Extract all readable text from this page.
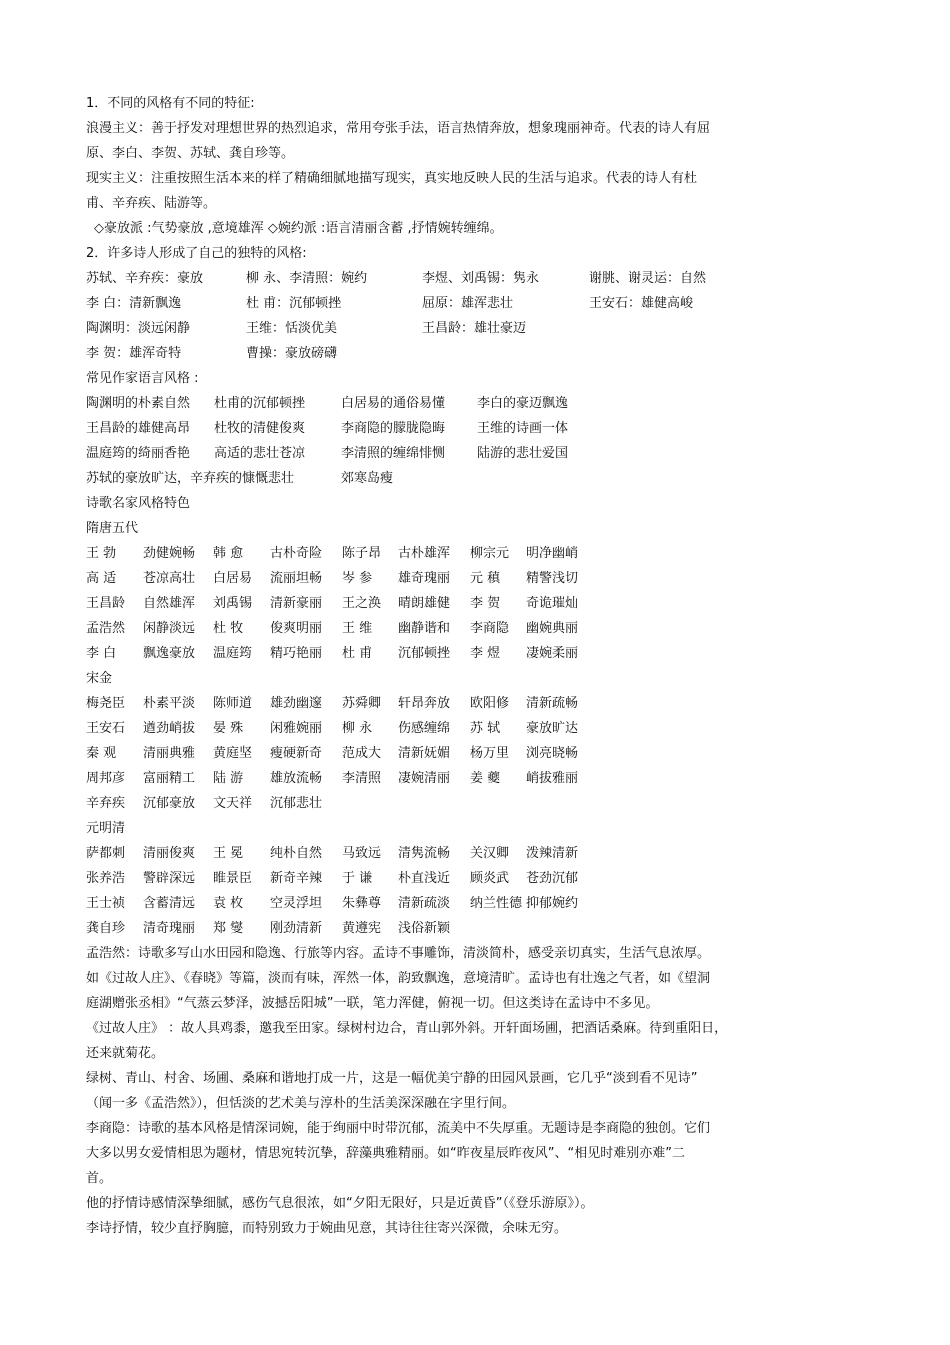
1．不同的风格有不同的特征:
浪漫主义：善于抒发对理想世界的热烈追求，常用夸张手法，语言热情奔放，想象瑰丽神奇。代表的诗人有屈
原、李白、李贺、苏轼、龚自珍等。
现实主义：注重按照生活本来的样了精确细腻地描写现实，真实地反映人民的生活与追求。代表的诗人有杜
甫、辛弃疾、陆游等。
◇豪放派 :气势豪放 ,意境雄浑 ◇婉约派 :语言清丽含蓄 ,抒情婉转缠绵。
2．许多诗人形成了自己的独特的风格:
苏轼、辛弃疾：豪放	柳 永、李清照：婉约	李煜、刘禹锡：隽永	谢朓、谢灵运：自然
李 白：清新飘逸	杜 甫：沉郁顿挫	屈原：雄浑悲壮	王安石：雄健高峻
陶渊明：淡远闲静	王维：恬淡优美	王昌龄：雄壮豪迈
李 贺：雄浑奇特	曹操：豪放磅礴
常见作家语言风格 :
陶渊明的朴素自然 杜甫的沉郁顿挫	白居易的通俗易懂 李白的豪迈飘逸
王昌龄的雄健高昂 杜牧的清健俊爽	李商隐的朦胧隐晦 王维的诗画一体
温庭筠的绮丽香艳 高适的悲壮苍凉	李清照的缠绵悱恻 陆游的悲壮爱国
苏轼的豪放旷达，辛弃疾的慷慨悲壮	郊寒岛瘦
诗歌名家风格特色
隋唐五代
王 勃 劲健婉畅 韩 愈 古朴奇险 陈子昂 古朴雄浑 柳宗元 明净幽峭
高 适 苍凉高壮 白居易 流丽坦畅 岑 参 雄奇瑰丽 元 稹 精警浅切
王昌龄 自然雄浑 刘禹锡 清新豪丽 王之涣 晴朗雄健 李 贺 奇诡璀灿
孟浩然 闲静淡远 杜 牧 俊爽明丽 王 维 幽静谐和 李商隐 幽婉典丽
李 白 飘逸豪放 温庭筠 精巧艳丽 杜 甫 沉郁顿挫 李 煜 凄婉柔丽
宋金
梅尧臣 朴素平淡 陈师道 雄劲幽邃 苏舜卿 轩昂奔放 欧阳修 清新疏畅
王安石 遒劲峭拔 晏 殊 闲雅婉丽 柳 永 伤感缠绵 苏 轼 豪放旷达
秦 观 清丽典雅 黄庭坚 瘦硬新奇 范成大 清新妩媚 杨万里 浏亮晓畅
周邦彦 富丽精工 陆 游 雄放流畅 李清照 凄婉清丽 姜 夔 峭拔雅丽
辛弃疾 沉郁豪放 文天祥 沉郁悲壮
元明清
萨都刺 清丽俊爽 王 冕 纯朴自然 马致远 清隽流畅 关汉卿 泼辣清新
张养浩 警辟深远 睢景臣 新奇辛辣 于 谦 朴直浅近 顾炎武 苍劲沉郁
王士祯 含蓄清远 袁 枚 空灵浮坦 朱彝尊 清新疏淡 纳兰性德 抑郁婉约
龚自珍 清奇瑰丽 郑 燮 刚劲清新 黄遵宪 浅俗新颖
孟浩然：诗歌多写山水田园和隐逸、行旅等内容。孟诗不事雕饰，清淡简朴，感受亲切真实，生活气息浓厚。
如《过故人庄》、《春晓》等篇，淡而有味，浑然一体，韵致飘逸，意境清旷。孟诗也有壮逸之气者，如《望洞
庭湖赠张丞相》“气蒸云梦泽，波撼岳阳城”一联，笔力浑健，俯视一切。但这类诗在孟诗中不多见。
《过故人庄》 ：故人具鸡黍，邀我至田家。绿树村边合，青山郭外斜。开轩面场圃，把酒话桑麻。待到重阳日，
还来就菊花。
绿树、青山、村舍、场圃、桑麻和谐地打成一片，这是一幅优美宁静的田园风景画，它几乎“淡到看不见诗”
（闻一多《孟浩然》），但恬淡的艺术美与淳朴的生活美深深融在字里行间。
李商隐：诗歌的基本风格是情深词婉，能于绚丽中时带沉郁，流美中不失厚重。无题诗是李商隐的独创。它们
大多以男女爱情相思为题材，情思宛转沉挚，辞藻典雅精丽。如“昨夜星辰昨夜风”、“相见时难别亦难”二
首。
他的抒情诗感情深挚细腻，感伤气息很浓，如“夕阳无限好，只是近黄昏”（《登乐游原》）。
李诗抒情，较少直抒胸臆，而特别致力于婉曲见意，其诗往往寄兴深微，余味无穷。
